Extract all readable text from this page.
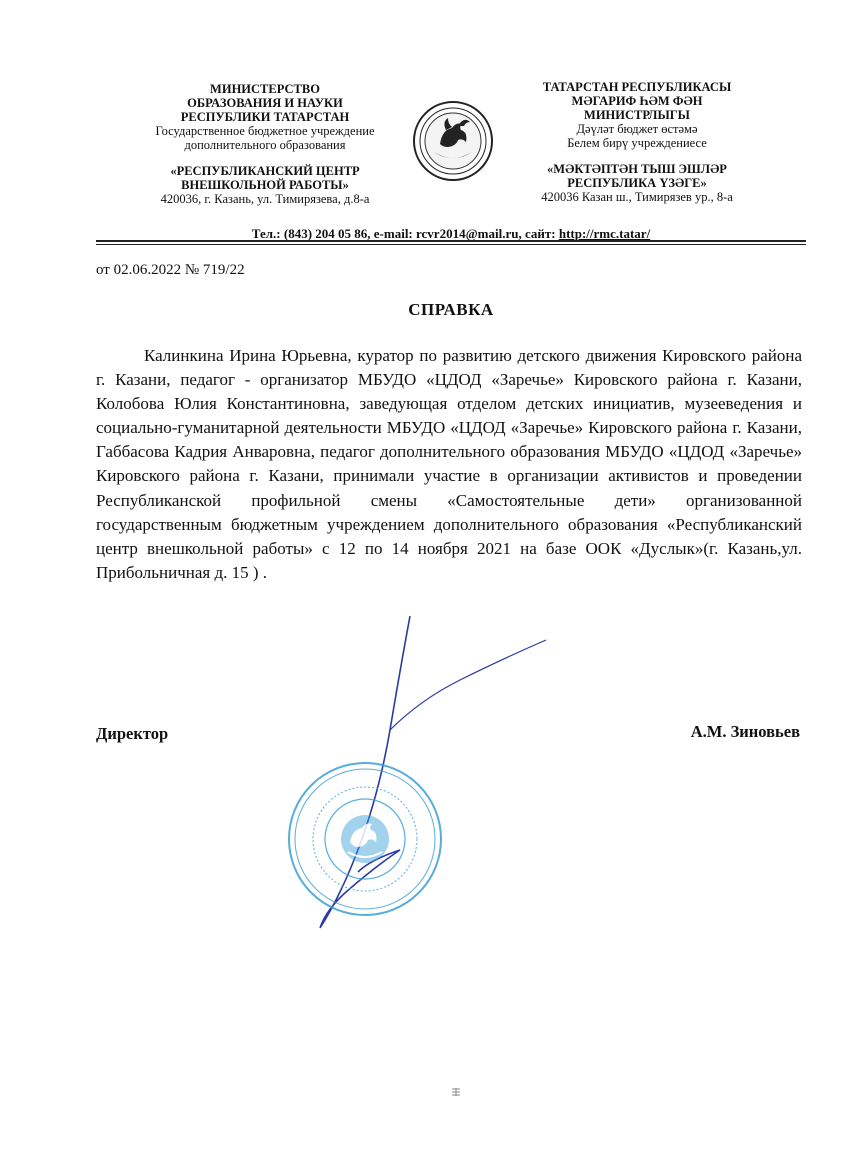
МИНИСТЕРСТВО
ОБРАЗОВАНИЯ И НАУКИ
РЕСПУБЛИКИ ТАТАРСТАН
Государственное бюджетное учреждение
дополнительного образования
«РЕСПУБЛИКАНСКИЙ ЦЕНТР
ВНЕШКОЛЬНОЙ РАБОТЫ»
420036, г. Казань, ул. Тимирязева, д.8-а
ТАТАРСТАН РЕСПУБЛИКАСЫ
МӘГАРИФ ҺӘМ ФӘН
МИНИСТРЛЫГЫ
Дәүләт бюджет өстәмә
Белем бирү учреждениесе
«МӘКТӘПТӘН ТЫШ ЭШЛӘР
РЕСПУБЛИКА ҮЗӘГЕ»
420036 Казан ш., Тимирязев ур., 8-а
Тел.: (843) 204 05 86, e-mail: rcvr2014@mail.ru, сайт: http://rmc.tatar/
от 02.06.2022 № 719/22
СПРАВКА
Калинкина Ирина Юрьевна, куратор по развитию детского движения Кировского района г. Казани, педагог - организатор МБУДО «ЦДОД «Заречье» Кировского района г. Казани, Колобова Юлия Константиновна, заведующая отделом детских инициатив, музееведения и социально-гуманитарной деятельности МБУДО «ЦДОД «Заречье» Кировского района г. Казани, Габбасова Кадрия Анваровна, педагог дополнительного образования МБУДО «ЦДОД «Заречье» Кировского района г. Казани, принимали участие в организации активистов и проведении Республиканской профильной смены «Самостоятельные дети» организованной государственным бюджетным учреждением дополнительного образования «Республиканский центр внешкольной работы» с 12 по 14 ноября 2021 на базе ООК «Дуслык»(г. Казань,ул. Прибольничная д. 15 ) .
Директор	А.М. Зиновьев
